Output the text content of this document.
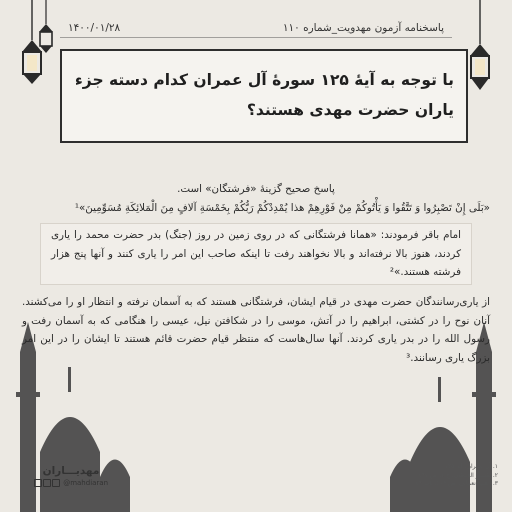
پاسخنامه آزمون مهدویت_شماره ۱۱۰
۱۴۰۰/۰۱/۲۸
با توجه به آیهٔ ۱۲۵ سورهٔ آل عمران کدام دسته جزء یاران حضرت مهدی هستند؟

پاسخ صحیح گزینهٔ «فرشتگان» است.

«بَلَی إِنْ تَصْبِرُوا وَ تَتَّقُوا وَ یَأْتُوکُمْ مِنْ فَوْرِهِمْ هذا یُمْدِدْکُمْ رَبُّکُمْ بِخَمْسَةِ آلافٍ مِنَ الْمَلائِکَةِ مُسَوِّمِینَ»¹

امام باقر فرمودند: «همانا فرشتگانی که در روی زمین در روز (جنگ) بدر حضرت محمد را یاری کردند، هنوز بالا نرفته‌اند و بالا نخواهند رفت تا اینکه صاحب این امر را یاری کنند و آنها پنج هزار فرشته هستند.»²

از یاری‌رسانندگان حضرت مهدی در قیام ایشان، فرشتگانی هستند که به آسمان نرفته و انتظار او را می‌کشند. آنان نوح را در کشتی، ابراهیم را در آتش، موسی را در شکافتن نیل، عیسی را هنگامی که به آسمان رفت و رسول الله را در بدر یاری کردند. آنها سال‌هاست که منتظر قیام حضرت قائم هستند تا ایشان را در این امر بزرگ یاری رسانند.³

۱. آل عمران، آیه ۱۲۵
۲. تفسیر العیاشی، ج ۱، ص ۱۹۷
۳. الغیبة نعمانی، ص ۳۰۹، باب ۱۹
مهدیـــاران
@mahdiaran
